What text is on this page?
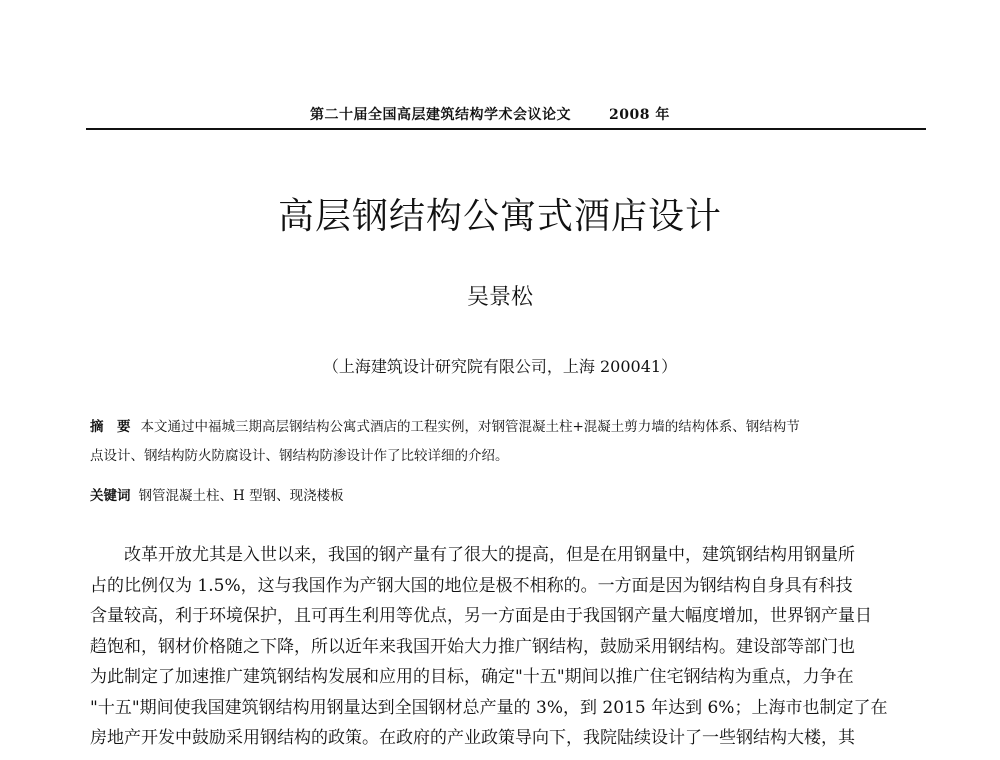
第二十届全国高层建筑结构学术会议论文	2008 年
高层钢结构公寓式酒店设计
吴景松
（上海建筑设计研究院有限公司，上海 200041）
摘　要 本文通过中福城三期高层钢结构公寓式酒店的工程实例，对钢管混凝土柱+混凝土剪力墙的结构体系、钢结构节
点设计、钢结构防火防腐设计、钢结构防渗设计作了比较详细的介绍。
关键词 钢管混凝土柱、H 型钢、现浇楼板
改革开放尤其是入世以来，我国的钢产量有了很大的提高，但是在用钢量中，建筑钢结构用钢量所
占的比例仅为 1.5%，这与我国作为产钢大国的地位是极不相称的。一方面是因为钢结构自身具有科技
含量较高，利于环境保护，且可再生利用等优点，另一方面是由于我国钢产量大幅度增加，世界钢产量日
趋饱和，钢材价格随之下降，所以近年来我国开始大力推广钢结构，鼓励采用钢结构。建设部等部门也
为此制定了加速推广建筑钢结构发展和应用的目标，确定"十五"期间以推广住宅钢结构为重点，力争在
"十五"期间使我国建筑钢结构用钢量达到全国钢材总产量的 3%，到 2015 年达到 6%；上海市也制定了在
房地产开发中鼓励采用钢结构的政策。在政府的产业政策导向下，我院陆续设计了一些钢结构大楼，其
